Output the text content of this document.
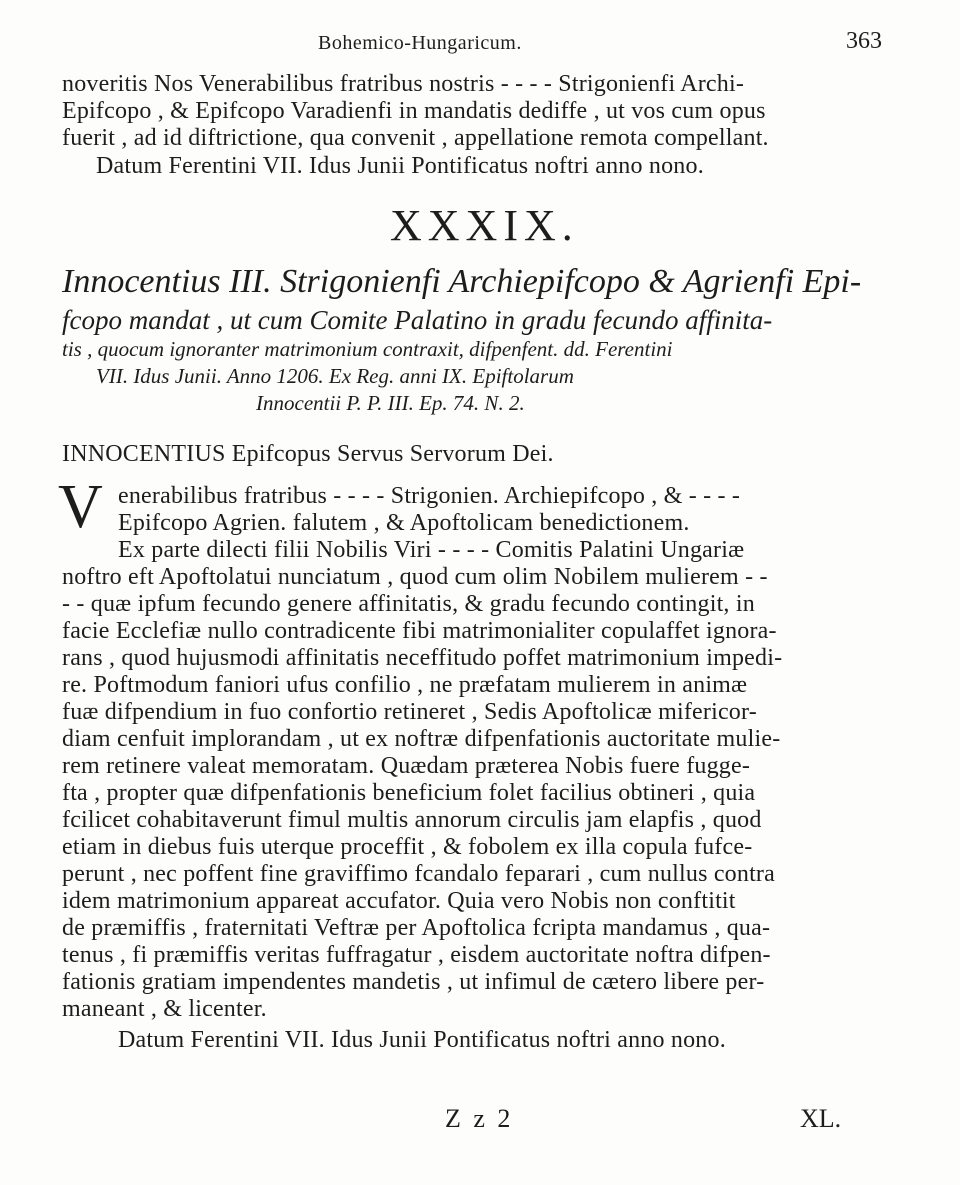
Bohemico-Hungaricum.	363
noveritis Nos Venerabilibus fratribus nostris - - - - Strigonienfi Archi-
Epifcopo , & Epifcopo Varadienfi in mandatis dediffe , ut vos cum opus
fuerit , ad id diftrictione, qua convenit , appellatione remota compellant.
Datum Ferentini VII. Idus Junii Pontificatus noftri anno nono.
XXXIX.
Innocentius III. Strigonienfi Archiepifcopo & Agrienfi Epi-
fcopo mandat , ut cum Comite Palatino in gradu fecundo affinita-
tis , quocum ignoranter matrimonium contraxit, difpenfent. dd. Ferentini
VII. Idus Junii. Anno 1206. Ex Reg. anni IX. Epiftolarum
Innocentii P. P. III. Ep. 74. N. 2.
INNOCENTIUS Epifcopus Servus Servorum Dei.
V enerabilibus fratribus - - - - Strigonien. Archiepifcopo , & - - - -
Epifcopo Agrien. falutem , & Apoftolicam benedictionem.
Ex parte dilecti filii Nobilis Viri - - - - Comitis Palatini Ungariæ
noftro eft Apoftolatui nunciatum , quod cum olim Nobilem mulierem - -
- - quæ ipfum fecundo genere affinitatis, & gradu fecundo contingit, in
facie Ecclefiæ nullo contradicente fibi matrimonialiter copulaffet ignora-
rans , quod hujusmodi affinitatis neceffitudo poffet matrimonium impedi-
re. Poftmodum faniori ufus confilio , ne præfatam mulierem in animæ
fuæ difpendium in fuo confortio retineret , Sedis Apoftolicæ mifericor-
diam cenfuit implorandam , ut ex noftræ difpenfationis auctoritate mulie-
rem retinere valeat memoratam. Quædam præterea Nobis fuere fugge-
fta , propter quæ difpenfationis beneficium folet facilius obtineri , quia
fcilicet cohabitaverunt fimul multis annorum circulis jam elapfis , quod
etiam in diebus fuis uterque proceffit , & fobolem ex illa copula fufce-
perunt , nec poffent fine graviffimo fcandalo feparari , cum nullus contra
idem matrimonium appareat accufator. Quia vero Nobis non conftitit
de præmiffis , fraternitati Veftræ per Apoftolica fcripta mandamus , qua-
tenus , fi præmiffis veritas fuffragatur , eisdem auctoritate noftra difpen-
fationis gratiam impendentes mandetis , ut infimul de cætero libere per-
maneant , & licenter.
Datum Ferentini VII. Idus Junii Pontificatus noftri anno nono.
Z z 2	XL.
